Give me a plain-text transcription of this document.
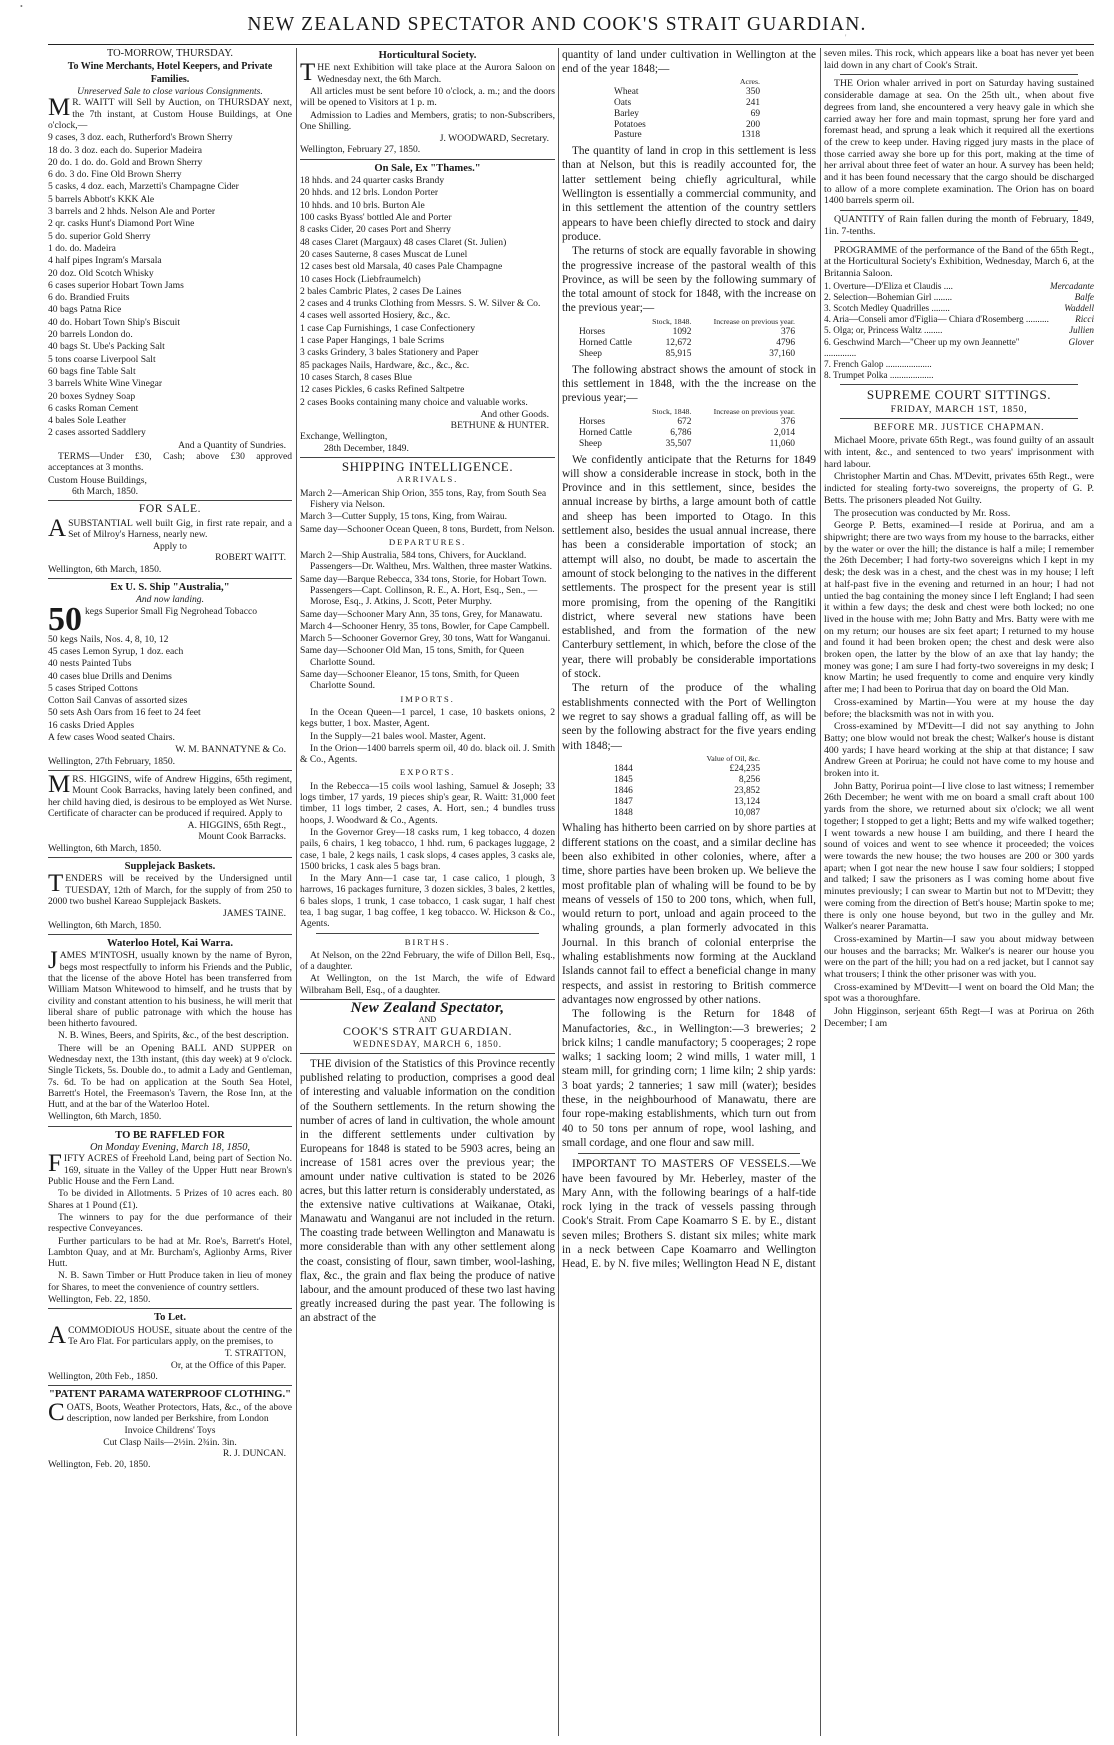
•
NEW ZEALAND SPECTATOR AND COOK'S STRAIT GUARDIAN.
'
TO-MORROW, THURSDAY.
To Wine Merchants, Hotel Keepers, and Private Families.
Unreserved Sale to close various Consignments.

M R. WAITT will Sell by Auction, on THURSDAY next, the 7th instant, at Custom House Buildings, at One o'clock,—

9 cases, 3 doz. each, Rutherford's Brown Sherry

18 do. 3 doz. each do. Superior Madeira

20 do. 1 do. do. Gold and Brown Sherry

6 do. 3 do. Fine Old Brown Sherry

5 casks, 4 doz. each, Marzetti's Champagne Cider

5 barrels Abbott's KKK Ale

3 barrels and 2 hhds. Nelson Ale and Porter

2 qr. casks Hunt's Diamond Port Wine

5 do. superior Gold Sherry

1 do. do. Madeira

4 half pipes Ingram's Marsala

20 doz. Old Scotch Whisky

6 cases superior Hobart Town Jams

6 do. Brandied Fruits

40 bags Patna Rice

40 do. Hobart Town Ship's Biscuit

20 barrels London do.

40 bags St. Ube's Packing Salt

5 tons coarse Liverpool Salt

60 bags fine Table Salt

3 barrels White Wine Vinegar

20 boxes Sydney Soap

6 casks Roman Cement

4 bales Sole Leather

2 cases assorted Saddlery

And a Quantity of Sundries.

TERMS—Under £30, Cash; above £30 approved acceptances at 3 months.

Custom House Buildings,
6th March, 1850.
FOR SALE.

ASUBSTANTIAL well built Gig, in first rate repair, and a Set of Milroy's Harness, nearly new.

Apply to
ROBERT WAITT.
Wellington, 6th March, 1850.
Ex U. S. Ship "Australia,"
And now landing.

50 kegs Superior Small Fig Negrohead Tobacco

50 kegs Nails, Nos. 4, 8, 10, 12

45 cases Lemon Syrup, 1 doz. each

40 nests Painted Tubs

40 cases blue Drills and Denims

5 cases Striped Cottons

Cotton Sail Canvas of assorted sizes

50 sets Ash Oars from 16 feet to 24 feet

16 casks Dried Apples

A few cases Wood seated Chairs.

W. M. BANNATYNE & Co.
Wellington, 27th February, 1850.

MRS. HIGGINS, wife of Andrew Higgins, 65th regiment, Mount Cook Barracks, having lately been confined, and her child having died, is desirous to be employed as Wet Nurse. Certificate of character can be produced if required. Apply to

A. HIGGINS, 65th Regt.,
Mount Cook Barracks.
Wellington, 6th March, 1850.
Supplejack Baskets.

TENDERS will be received by the Undersigned until TUESDAY, 12th of March, for the supply of from 250 to 2000 two bushel Kareao Supplejack Baskets.

JAMES TAINE.
Wellington, 6th March, 1850.
Waterloo Hotel, Kai Warra.

JAMES M'INTOSH, usually known by the name of Byron, begs most respectfully to inform his Friends and the Public, that the license of the above Hotel has been transferred from William Matson Whitewood to himself, and he trusts that by civility and constant attention to his business, he will merit that liberal share of public patronage with which the house has been hitherto favoured.

N. B. Wines, Beers, and Spirits, &c., of the best description.

There will be an Opening BALL AND SUPPER on Wednesday next, the 13th instant, (this day week) at 9 o'clock. Single Tickets, 5s. Double do., to admit a Lady and Gentleman, 7s. 6d. To be had on application at the South Sea Hotel, Barrett's Hotel, the Freemason's Tavern, the Rose Inn, at the Hutt, and at the bar of the Waterloo Hotel.

Wellington, 6th March, 1850.
TO BE RAFFLED FOR
On Monday Evening, March 18, 1850,

FIFTY ACRES of Freehold Land, being part of Section No. 169, situate in the Valley of the Upper Hutt near Brown's Public House and the Fern Land.

To be divided in Allotments. 5 Prizes of 10 acres each. 80 Shares at 1 Pound (£1).

The winners to pay for the due performance of their respective Conveyances.

Further particulars to be had at Mr. Roe's, Barrett's Hotel, Lambton Quay, and at Mr. Burcham's, Aglionby Arms, River Hutt.

N. B. Sawn Timber or Hutt Produce taken in lieu of money for Shares, to meet the convenience of country settlers.

Wellington, Feb. 22, 1850.
To Let.

ACOMMODIOUS HOUSE, situate about the centre of the Te Aro Flat. For particulars apply, on the premises, to

T. STRATTON,
Or, at the Office of this Paper.
Wellington, 20th Feb., 1850.
"PATENT PARAMA WATERPROOF CLOTHING."

COATS, Boots, Weather Protectors, Hats, &c., of the above description, now landed per Berkshire, from London

Invoice Childrens' Toys
Cut Clasp Nails—2½in. 2¾in. 3in.
R. J. DUNCAN.
Wellington, Feb. 20, 1850.
Horticultural Society.

THE next Exhibition will take place at the Aurora Saloon on Wednesday next, the 6th March.

All articles must be sent before 10 o'clock, a. m.; and the doors will be opened to Visitors at 1 p. m.

Admission to Ladies and Members, gratis; to non-Subscribers, One Shilling.

J. WOODWARD, Secretary.
Wellington, February 27, 1850.
On Sale, Ex "Thames."

18 hhds. and 24 quarter casks Brandy

20 hhds. and 12 brls. London Porter

10 hhds. and 10 brls. Burton Ale

100 casks Byass' bottled Ale and Porter

8 casks Cider, 20 cases Port and Sherry

48 cases Claret (Margaux) 48 cases Claret (St. Julien)

20 cases Sauterne, 8 cases Muscat de Lunel

12 cases best old Marsala, 40 cases Pale Champagne

10 cases Hock (Liebfraumelch)

2 bales Cambric Plates, 2 cases De Laines

2 cases and 4 trunks Clothing from Messrs. S. W. Silver & Co.

4 cases well assorted Hosiery, &c., &c.

1 case Cap Furnishings, 1 case Confectionery

1 case Paper Hangings, 1 bale Scrims

3 casks Grindery, 3 bales Stationery and Paper

85 packages Nails, Hardware, &c., &c., &c.

10 cases Starch, 8 cases Blue

12 cases Pickles, 6 casks Refined Saltpetre

2 cases Books containing many choice and valuable works.

And other Goods.
BETHUNE & HUNTER.
Exchange, Wellington,
28th December, 1849.
SHIPPING INTELLIGENCE.
ARRIVALS.

March 2—American Ship Orion, 355 tons, Ray, from South Sea Fishery via Nelson.

March 3—Cutter Supply, 15 tons, King, from Wairau.

Same day—Schooner Ocean Queen, 8 tons, Burdett, from Nelson.

DEPARTURES.

March 2—Ship Australia, 584 tons, Chivers, for Auckland. Passengers—Dr. Waltheu, Mrs. Walthen, three master Watkins.

Same day—Barque Rebecca, 334 tons, Storie, for Hobart Town. Passengers—Capt. Collinson, R. E., A. Hort, Esq., Sen., — Morose, Esq., J. Atkins, J. Scott, Peter Murphy.

Same day—Schooner Mary Ann, 35 tons, Grey, for Manawatu.

March 4—Schooner Henry, 35 tons, Bowler, for Cape Campbell.

March 5—Schooner Governor Grey, 30 tons, Watt for Wanganui.

Same day—Schooner Old Man, 15 tons, Smith, for Queen Charlotte Sound.

Same day—Schooner Eleanor, 15 tons, Smith, for Queen Charlotte Sound.

IMPORTS.

In the Ocean Queen—1 parcel, 1 case, 10 baskets onions, 2 kegs butter, 1 box. Master, Agent.

In the Supply—21 bales wool. Master, Agent.

In the Orion—1400 barrels sperm oil, 40 do. black oil. J. Smith & Co., Agents.

EXPORTS.

In the Rebecca—15 coils wool lashing, Samuel & Joseph; 33 logs timber, 17 yards, 19 pieces ship's gear, R. Waitt: 31,000 feet timber, 11 logs timber, 2 cases, A. Hort, sen.; 4 bundles truss hoops, J. Woodward & Co., Agents.

In the Governor Grey—18 casks rum, 1 keg tobacco, 4 dozen pails, 6 chairs, 1 keg tobacco, 1 hhd. rum, 6 packages luggage, 2 case, 1 bale, 2 kegs nails, 1 cask slops, 4 cases apples, 3 casks ale, 1500 bricks, 1 cask ales 5 bags bran.

In the Mary Ann—1 case tar, 1 case calico, 1 plough, 3 harrows, 16 packages furniture, 3 dozen sickles, 3 bales, 2 kettles, 6 bales slops, 1 trunk, 1 case tobacco, 1 cask sugar, 1 half chest tea, 1 bag sugar, 1 bag coffee, 1 keg tobacco. W. Hickson & Co., Agents.

BIRTHS.

At Nelson, on the 22nd February, the wife of Dillon Bell, Esq., of a daughter.

At Wellington, on the 1st March, the wife of Edward Wilbraham Bell, Esq., of a daughter.

New Zealand Spectator,
AND
COOK'S STRAIT GUARDIAN.
WEDNESDAY, MARCH 6, 1850.

THE division of the Statistics of this Province recently published relating to production, comprises a good deal of interesting and valuable information on the condition of the Southern settlements. In the return showing the number of acres of land in cultivation, the whole amount in the different settlements under cultivation by Europeans for 1848 is stated to be 5903 acres, being an increase of 1581 acres over the previous year; the amount under native cultivation is stated to be 2026 acres, but this latter return is considerably understated, as the extensive native cultivations at Waikanae, Otaki, Manawatu and Wanganui are not included in the return. The coasting trade between Wellington and Manawatu is more considerable than with any other settlement along the coast, consisting of flour, sawn timber, wool-lashing, flax, &c., the grain and flax being the produce of native labour, and the amount produced of these two last having greatly increased during the past year. The following is an abstract of the

quantity of land under cultivation in Wellington at the end of the year 1848;—

	Acres.
Wheat	350
Oats	241
Barley	69
Potatoes	200
Pasture	1318

The quantity of land in crop in this settlement is less than at Nelson, but this is readily accounted for, the latter settlement being chiefly agricultural, while Wellington is essentially a commercial community, and in this settlement the attention of the country settlers appears to have been chiefly directed to stock and dairy produce.

The returns of stock are equally favorable in showing the progressive increase of the pastoral wealth of this Province, as will be seen by the following summary of the total amount of stock for 1848, with the increase on the previous year;—

	Stock, 1848.	Increase on previous year.
Horses	1092	376
Horned Cattle	12,672	4796
Sheep	85,915	37,160

The following abstract shows the amount of stock in this settlement in 1848, with the the increase on the previous year;—

	Stock, 1848.	Increase on previous year.
Horses	672	376
Horned Cattle	6,786	2,014
Sheep	35,507	11,060

We confidently anticipate that the Returns for 1849 will show a considerable increase in stock, both in the Province and in this settlement, since, besides the annual increase by births, a large amount both of cattle and sheep has been imported to Otago. In this settlement also, besides the usual annual increase, there has been a considerable importation of stock; an attempt will also, no doubt, be made to ascertain the amount of stock belonging to the natives in the different settlements. The prospect for the present year is still more promising, from the opening of the Rangitiki district, where several new stations have been established, and from the formation of the new Canterbury settlement, in which, before the close of the year, there will probably be considerable importations of stock.

The return of the produce of the whaling establishments connected with the Port of Wellington we regret to say shows a gradual falling off, as will be seen by the following abstract for the five years ending with 1848;—

	Value of Oil, &c.
1844	£24,235
1845	8,256
1846	23,852
1847	13,124
1848	10,087

Whaling has hitherto been carried on by shore parties at different stations on the coast, and a similar decline has been also exhibited in other colonies, where, after a time, shore parties have been broken up. We believe the most profitable plan of whaling will be found to be by means of vessels of 150 to 200 tons, which, when full, would return to port, unload and again proceed to the whaling grounds, a plan formerly advocated in this Journal. In this branch of colonial enterprise the whaling establishments now forming at the Auckland Islands cannot fail to effect a beneficial change in many respects, and assist in restoring to British commerce advantages now engrossed by other nations.

The following is the Return for 1848 of Manufactories, &c., in Wellington:—3 breweries; 2 brick kilns; 1 candle manufactory; 5 cooperages; 2 rope walks; 1 sacking loom; 2 wind mills, 1 water mill, 1 steam mill, for grinding corn; 1 lime kiln; 2 ship yards: 3 boat yards; 2 tanneries; 1 saw mill (water); besides these, in the neighbourhood of Manawatu, there are four rope-making establishments, which turn out from 40 to 50 tons per annum of rope, wool lashing, and small cordage, and one flour and saw mill.

IMPORTANT TO MASTERS OF VESSELS.—We have been favoured by Mr. Heberley, master of the Mary Ann, with the following bearings of a half-tide rock lying in the track of vessels passing through Cook's Strait. From Cape Koamarro S E. by E., distant seven miles; Brothers S. distant six miles; white mark in a neck between Cape Koamarro and Wellington Head, E. by N. five miles; Wellington Head N E, distant

seven miles. This rock, which appears like a boat has never yet been laid down in any chart of Cook's Strait.

THE Orion whaler arrived in port on Saturday having sustained considerable damage at sea. On the 25th ult., when about five degrees from land, she encountered a very heavy gale in which she carried away her fore and main topmast, sprung her fore yard and foremast head, and sprung a leak which it required all the exertions of the crew to keep under. Having rigged jury masts in the place of those carried away she bore up for this port, making at the time of her arrival about three feet of water an hour. A survey has been held; and it has been found necessary that the cargo should be discharged to allow of a more complete examination. The Orion has on board 1400 barrels sperm oil.

QUANTITY of Rain fallen during the month of February, 1849, 1in. 7-tenths.

PROGRAMME of the performance of the Band of the 65th Regt., at the Horticultural Society's Exhibition, Wednesday, March 6, at the Britannia Saloon.

1. Overture—D'Eliza et Claudis ....	Mercadante
2. Selection—Bohemian Girl ........	Balfe
3. Scotch Medley Quadrilles ........	Waddell
4. Aria—Conseli amor d'Figlia— Chiara d'Rosemberg ..........	Ricci
5. Olga; or, Princess Waltz ........	Jullien
6. Geschwind March—"Cheer up my own Jeannette" ..............	Glover
7. French Galop ....................	
8. Trumpet Polka ...................	
SUPREME COURT SITTINGS.
FRIDAY, MARCH 1ST, 1850,
BEFORE MR. JUSTICE CHAPMAN.

Michael Moore, private 65th Regt., was found guilty of an assault with intent, &c., and sentenced to two years' imprisonment with hard labour.

Christopher Martin and Chas. M'Devitt, privates 65th Regt., were indicted for stealing forty-two sovereigns, the property of G. P. Betts. The prisoners pleaded Not Guilty.

The prosecution was conducted by Mr. Ross.

George P. Betts, examined—I reside at Porirua, and am a shipwright; there are two ways from my house to the barracks, either by the water or over the hill; the distance is half a mile; I remember the 26th December; I had forty-two sovereigns which I kept in my desk; the desk was in a chest, and the chest was in my house; I left at half-past five in the evening and returned in an hour; I had not untied the bag containing the money since I left England; I had seen it within a few days; the desk and chest were both locked; no one lived in the house with me; John Batty and Mrs. Batty were with me on my return; our houses are six feet apart; I returned to my house and found it had been broken open; the chest and desk were also broken open, the latter by the blow of an axe that lay handy; the money was gone; I am sure I had forty-two sovereigns in my desk; I know Martin; he used frequently to come and enquire very kindly after me; I had been to Porirua that day on board the Old Man.

Cross-examined by Martin—You were at my house the day before; the blacksmith was not in with you.

Cross-examined by M'Devitt—I did not say anything to John Batty; one blow would not break the chest; Walker's house is distant 400 yards; I have heard working at the ship at that distance; I saw Andrew Green at Porirua; he could not have come to my house and broken into it.

John Batty, Porirua point—I live close to last witness; I remember 26th December; he went with me on board a small craft about 100 yards from the shore, we returned about six o'clock; we all went together; I stopped to get a light; Betts and my wife walked together; I went towards a new house I am building, and there I heard the sound of voices and went to see whence it proceeded; the voices were towards the new house; the two houses are 200 or 300 yards apart; when I got near the new house I saw four soldiers; I stopped and talked; I saw the prisoners as I was coming home about five minutes previously; I can swear to Martin but not to M'Devitt; they were coming from the direction of Bett's house; Martin spoke to me; there is only one house beyond, but two in the gulley and Mr. Walker's nearer Paramatta.

Cross-examined by Martin—I saw you about midway between our houses and the barracks; Mr. Walker's is nearer our house you were on the part of the hill; you had on a red jacket, but I cannot say what trousers; I think the other prisoner was with you.

Cross-examined by M'Devitt—I went on board the Old Man; the spot was a thoroughfare.

John Higginson, serjeant 65th Regt—I was at Porirua on 26th December; I am
